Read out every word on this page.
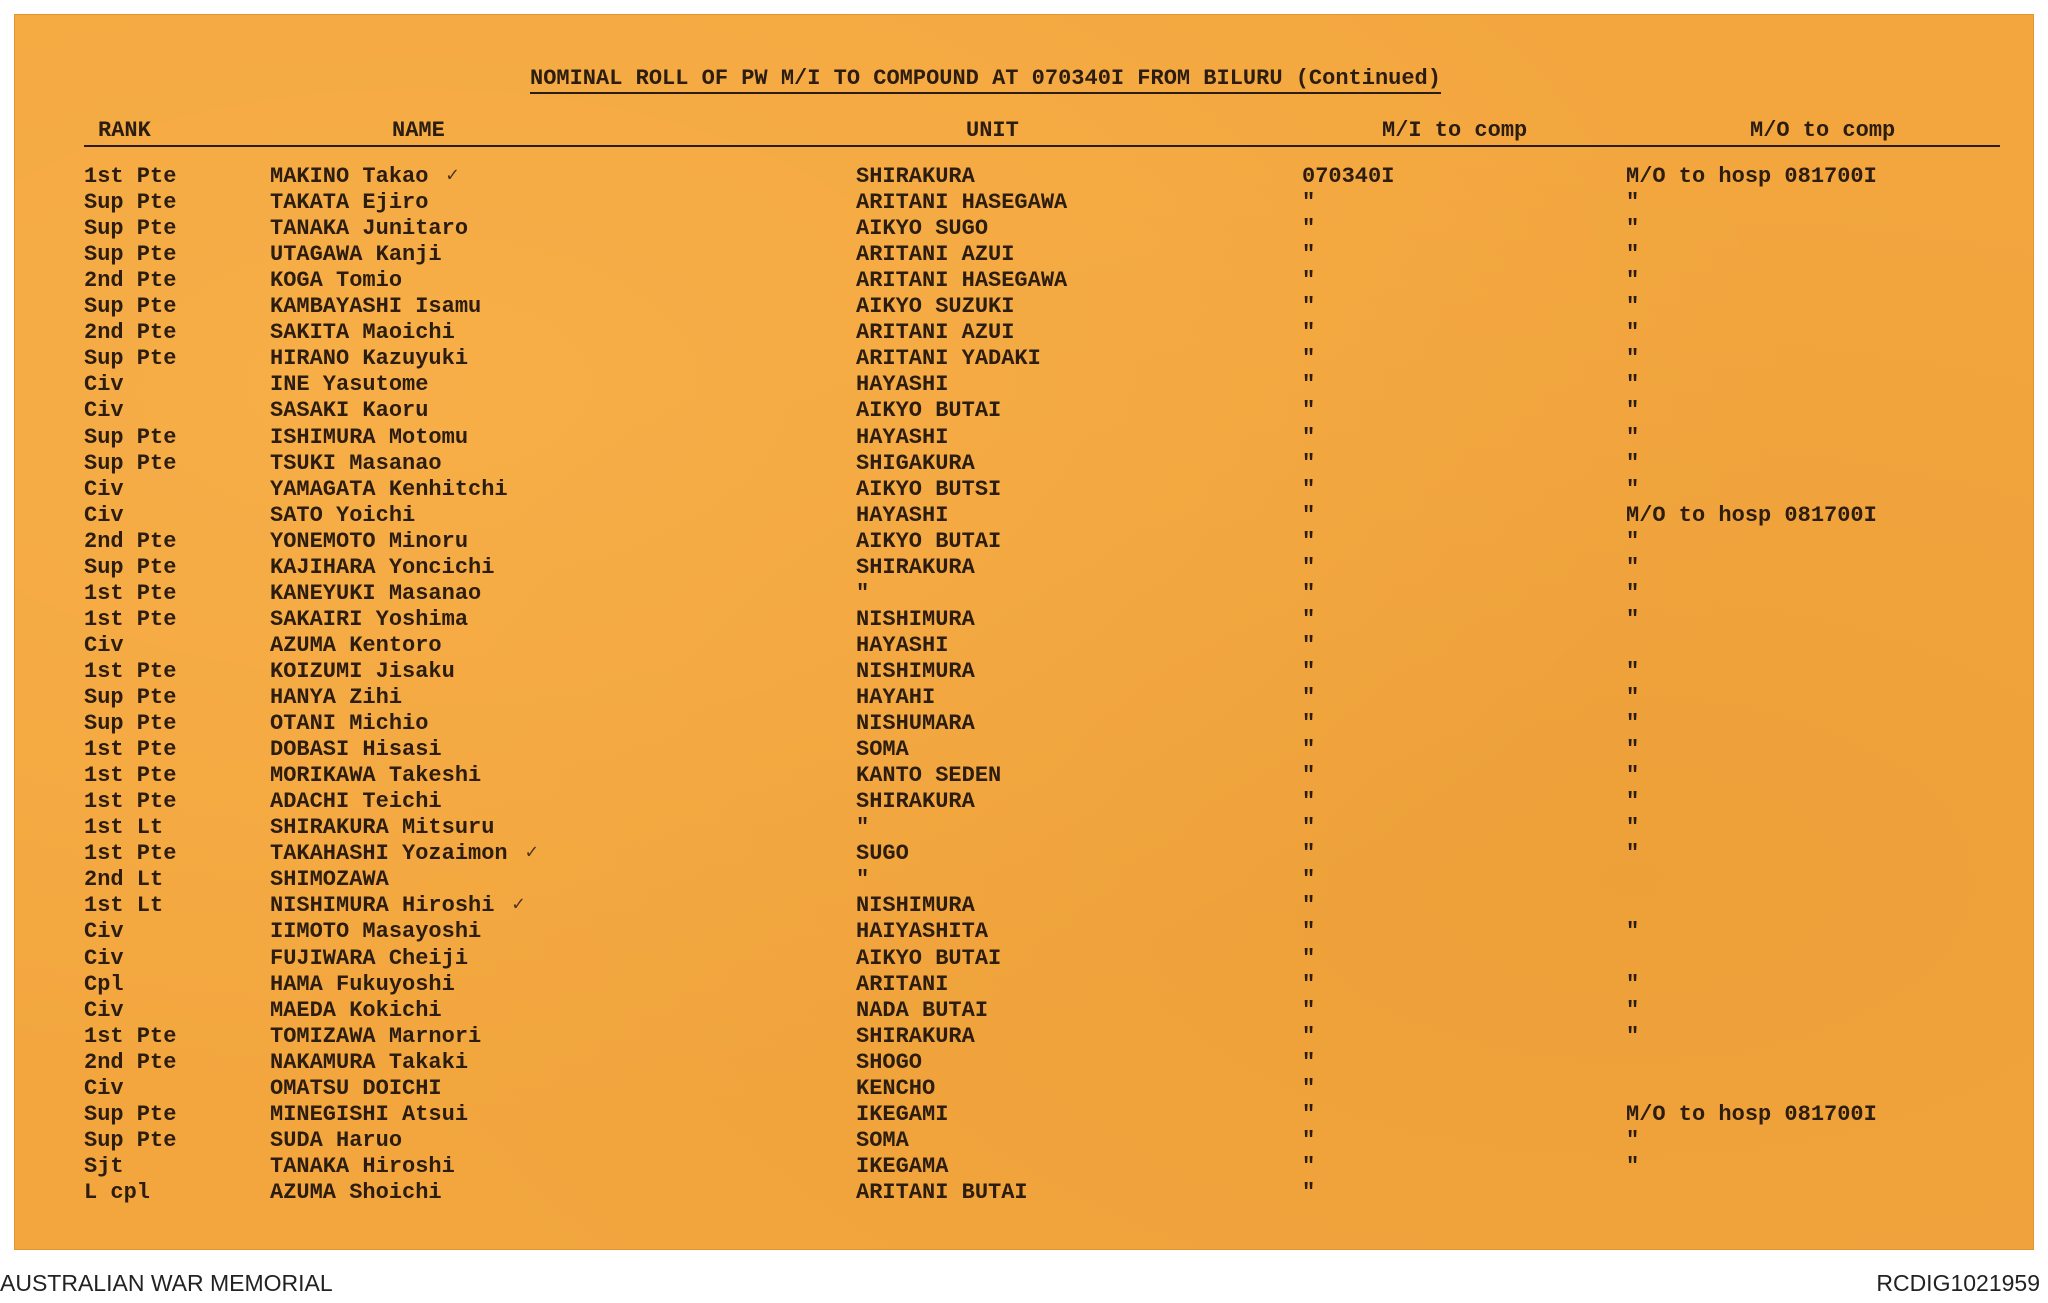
NOMINAL ROLL OF PW M/I TO COMPOUND AT 070340I FROM BILURU (Continued)
RANK	NAME	UNIT	M/I to comp	M/O to comp
1st Pte	MAKINO Takao	SHIRAKURA	070340I	M/O to hosp 081700I
✓
Sup Pte	TAKATA Ejiro	ARITANI HASEGAWA	"	"
Sup Pte	TANAKA Junitaro	AIKYO SUGO	"	"
Sup Pte	UTAGAWA Kanji	ARITANI AZUI	"	"
2nd Pte	KOGA Tomio	ARITANI HASEGAWA	"	"
Sup Pte	KAMBAYASHI Isamu	AIKYO SUZUKI	"	"
2nd Pte	SAKITA Maoichi	ARITANI AZUI	"	"
Sup Pte	HIRANO Kazuyuki	ARITANI YADAKI	"	"
Civ	INE Yasutome	HAYASHI	"	"
Civ	SASAKI Kaoru	AIKYO BUTAI	"	"
Sup Pte	ISHIMURA Motomu	HAYASHI	"	"
Sup Pte	TSUKI Masanao	SHIGAKURA	"	"
Civ	YAMAGATA Kenhitchi	AIKYO BUTSI	"	"
Civ	SATO Yoichi	HAYASHI	"	M/O to hosp 081700I
2nd Pte	YONEMOTO Minoru	AIKYO BUTAI	"	"
Sup Pte	KAJIHARA Yoncichi	SHIRAKURA	"	"
1st Pte	KANEYUKI Masanao	"	"	"
1st Pte	SAKAIRI Yoshima	NISHIMURA	"	"
Civ	AZUMA Kentoro	HAYASHI	"
1st Pte	KOIZUMI Jisaku	NISHIMURA	"	"
Sup Pte	HANYA Zihi	HAYAHI	"	"
Sup Pte	OTANI Michio	NISHUMARA	"	"
1st Pte	DOBASI Hisasi	SOMA	"	"
1st Pte	MORIKAWA Takeshi	KANTO SEDEN	"	"
1st Pte	ADACHI Teichi	SHIRAKURA	"	"
1st Lt	SHIRAKURA Mitsuru	"	"	"
1st Pte	TAKAHASHI Yozaimon	SUGO	"	"
✓
2nd Lt	SHIMOZAWA	"	"
1st Lt	NISHIMURA Hiroshi	NISHIMURA	"
✓
Civ	IIMOTO Masayoshi	HAIYASHITA	"	"
Civ	FUJIWARA Cheiji	AIKYO BUTAI	"
Cpl	HAMA Fukuyoshi	ARITANI	"	"
Civ	MAEDA Kokichi	NADA BUTAI	"	"
1st Pte	TOMIZAWA Marnori	SHIRAKURA	"	"
2nd Pte	NAKAMURA Takaki	SHOGO	"
Civ	OMATSU DOICHI	KENCHO	"
Sup Pte	MINEGISHI Atsui	IKEGAMI	"	M/O to hosp 081700I
Sup Pte	SUDA Haruo	SOMA	"	"
Sjt	TANAKA Hiroshi	IKEGAMA	"	"
L cpl	AZUMA Shoichi	ARITANI BUTAI	"
AUSTRALIAN WAR MEMORIAL	RCDIG1021959
